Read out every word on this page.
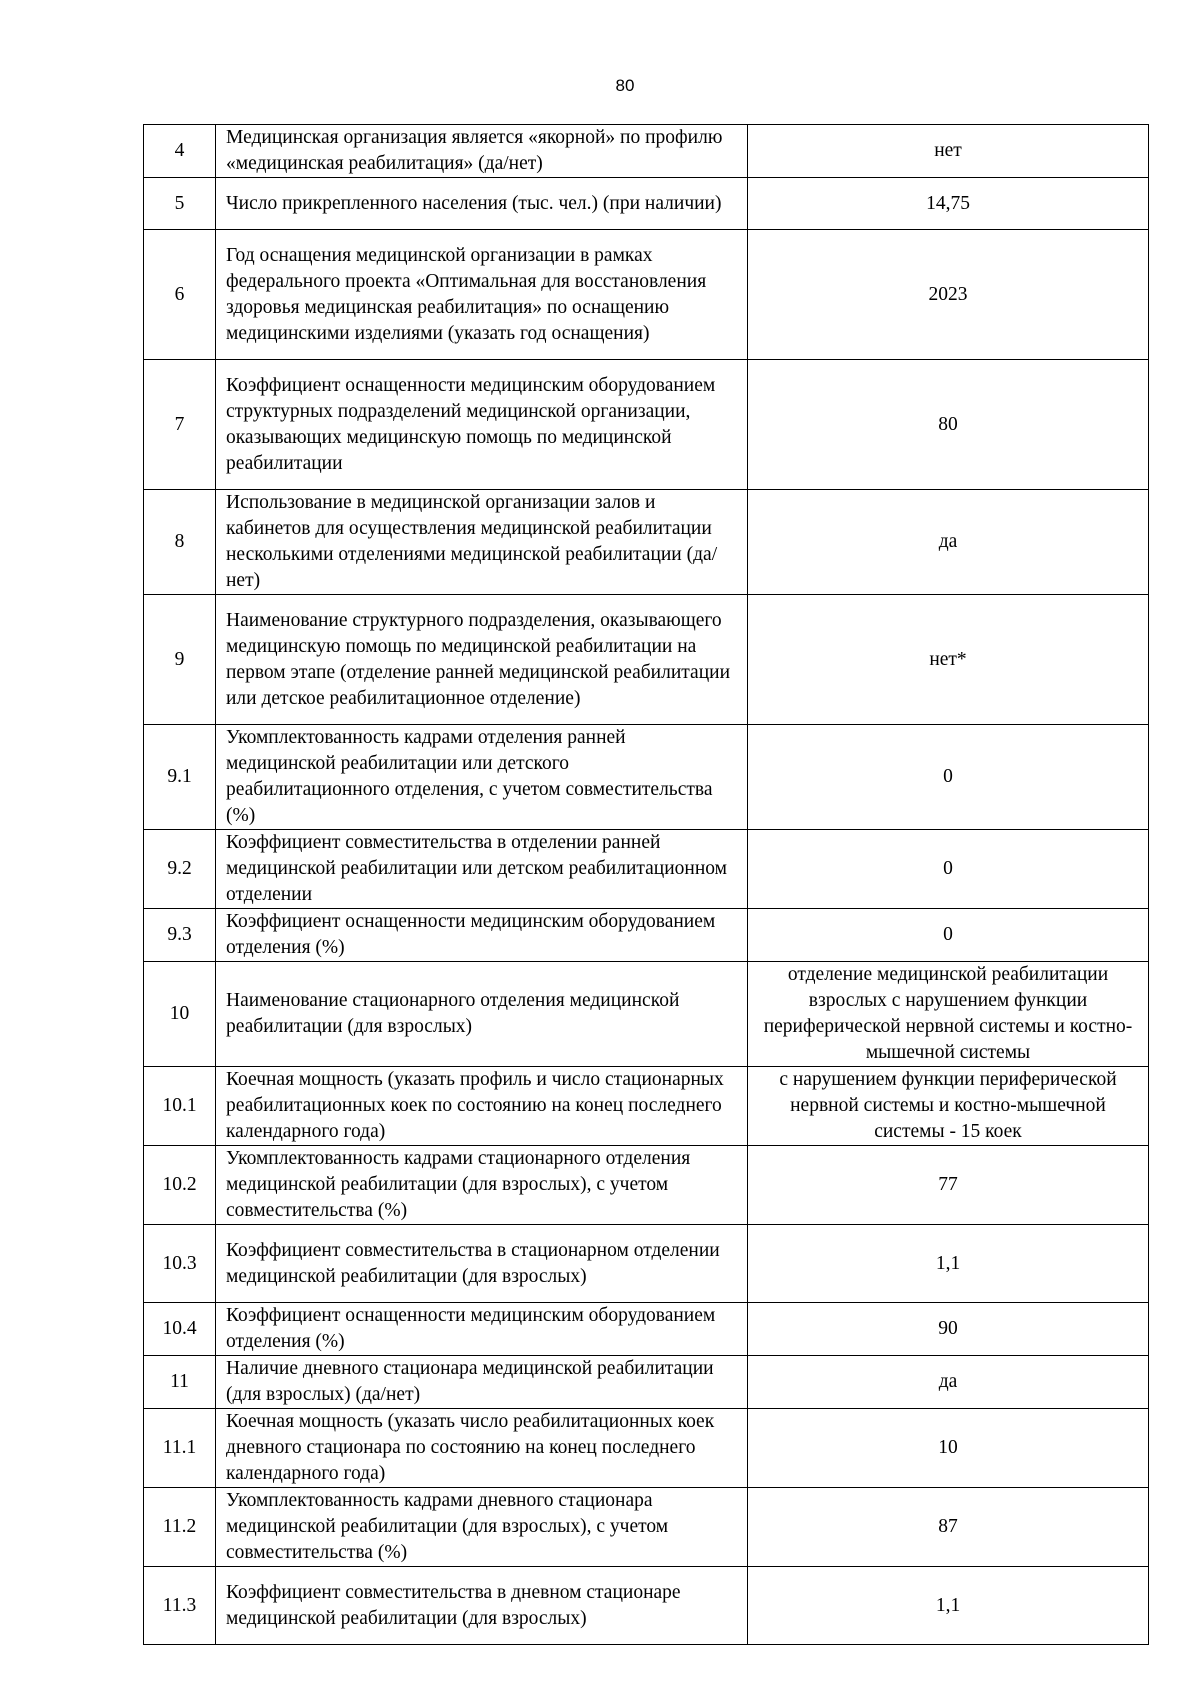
80
4	Медицинская организация является «якорной» по профилю «медицинская реабилитация» (да/нет)	нет
5	Число прикрепленного населения (тыс. чел.) (при наличии)	14,75
6	Год оснащения медицинской организации в рамках федерального проекта «Оптимальная для восстановления здоровья медицинская реабилитация» по оснащению медицинскими изделиями (указать год оснащения)	2023
7	Коэффициент оснащенности медицинским оборудованием структурных подразделений медицинской организации, оказывающих медицинскую помощь по медицинской реабилитации	80
8	Использование в медицинской организации залов и кабинетов для осуществления медицинской реабилитации несколькими отделениями медицинской реабилитации (да/нет)	да
9	Наименование структурного подразделения, оказывающего медицинскую помощь по медицинской реабилитации на первом этапе (отделение ранней медицинской реабилитации или детское реабилитационное отделение)	нет*
9.1	Укомплектованность кадрами отделения ранней медицинской реабилитации или детского реабилитационного отделения, с учетом совместительства (%)	0
9.2	Коэффициент совместительства в отделении ранней медицинской реабилитации или детском реабилитационном отделении	0
9.3	Коэффициент оснащенности медицинским оборудованием отделения (%)	0
10	Наименование стационарного отделения медицинской реабилитации (для взрослых)	отделение медицинской реабилитации взрослых с нарушением функции периферической нервной системы и костно-мышечной системы
10.1	Коечная мощность (указать профиль и число стационарных реабилитационных коек по состоянию на конец последнего календарного года)	с нарушением функции периферической нервной системы и костно-мышечной системы - 15 коек
10.2	Укомплектованность кадрами стационарного отделения медицинской реабилитации (для взрослых), с учетом совместительства (%)	77
10.3	Коэффициент совместительства в стационарном отделении медицинской реабилитации (для взрослых)	1,1
10.4	Коэффициент оснащенности медицинским оборудованием отделения (%)	90
11	Наличие дневного стационара медицинской реабилитации (для взрослых) (да/нет)	да
11.1	Коечная мощность (указать число реабилитационных коек дневного стационара по состоянию на конец последнего календарного года)	10
11.2	Укомплектованность кадрами дневного стационара медицинской реабилитации (для взрослых), с учетом совместительства (%)	87
11.3	Коэффициент совместительства в дневном стационаре медицинской реабилитации (для взрослых)	1,1
